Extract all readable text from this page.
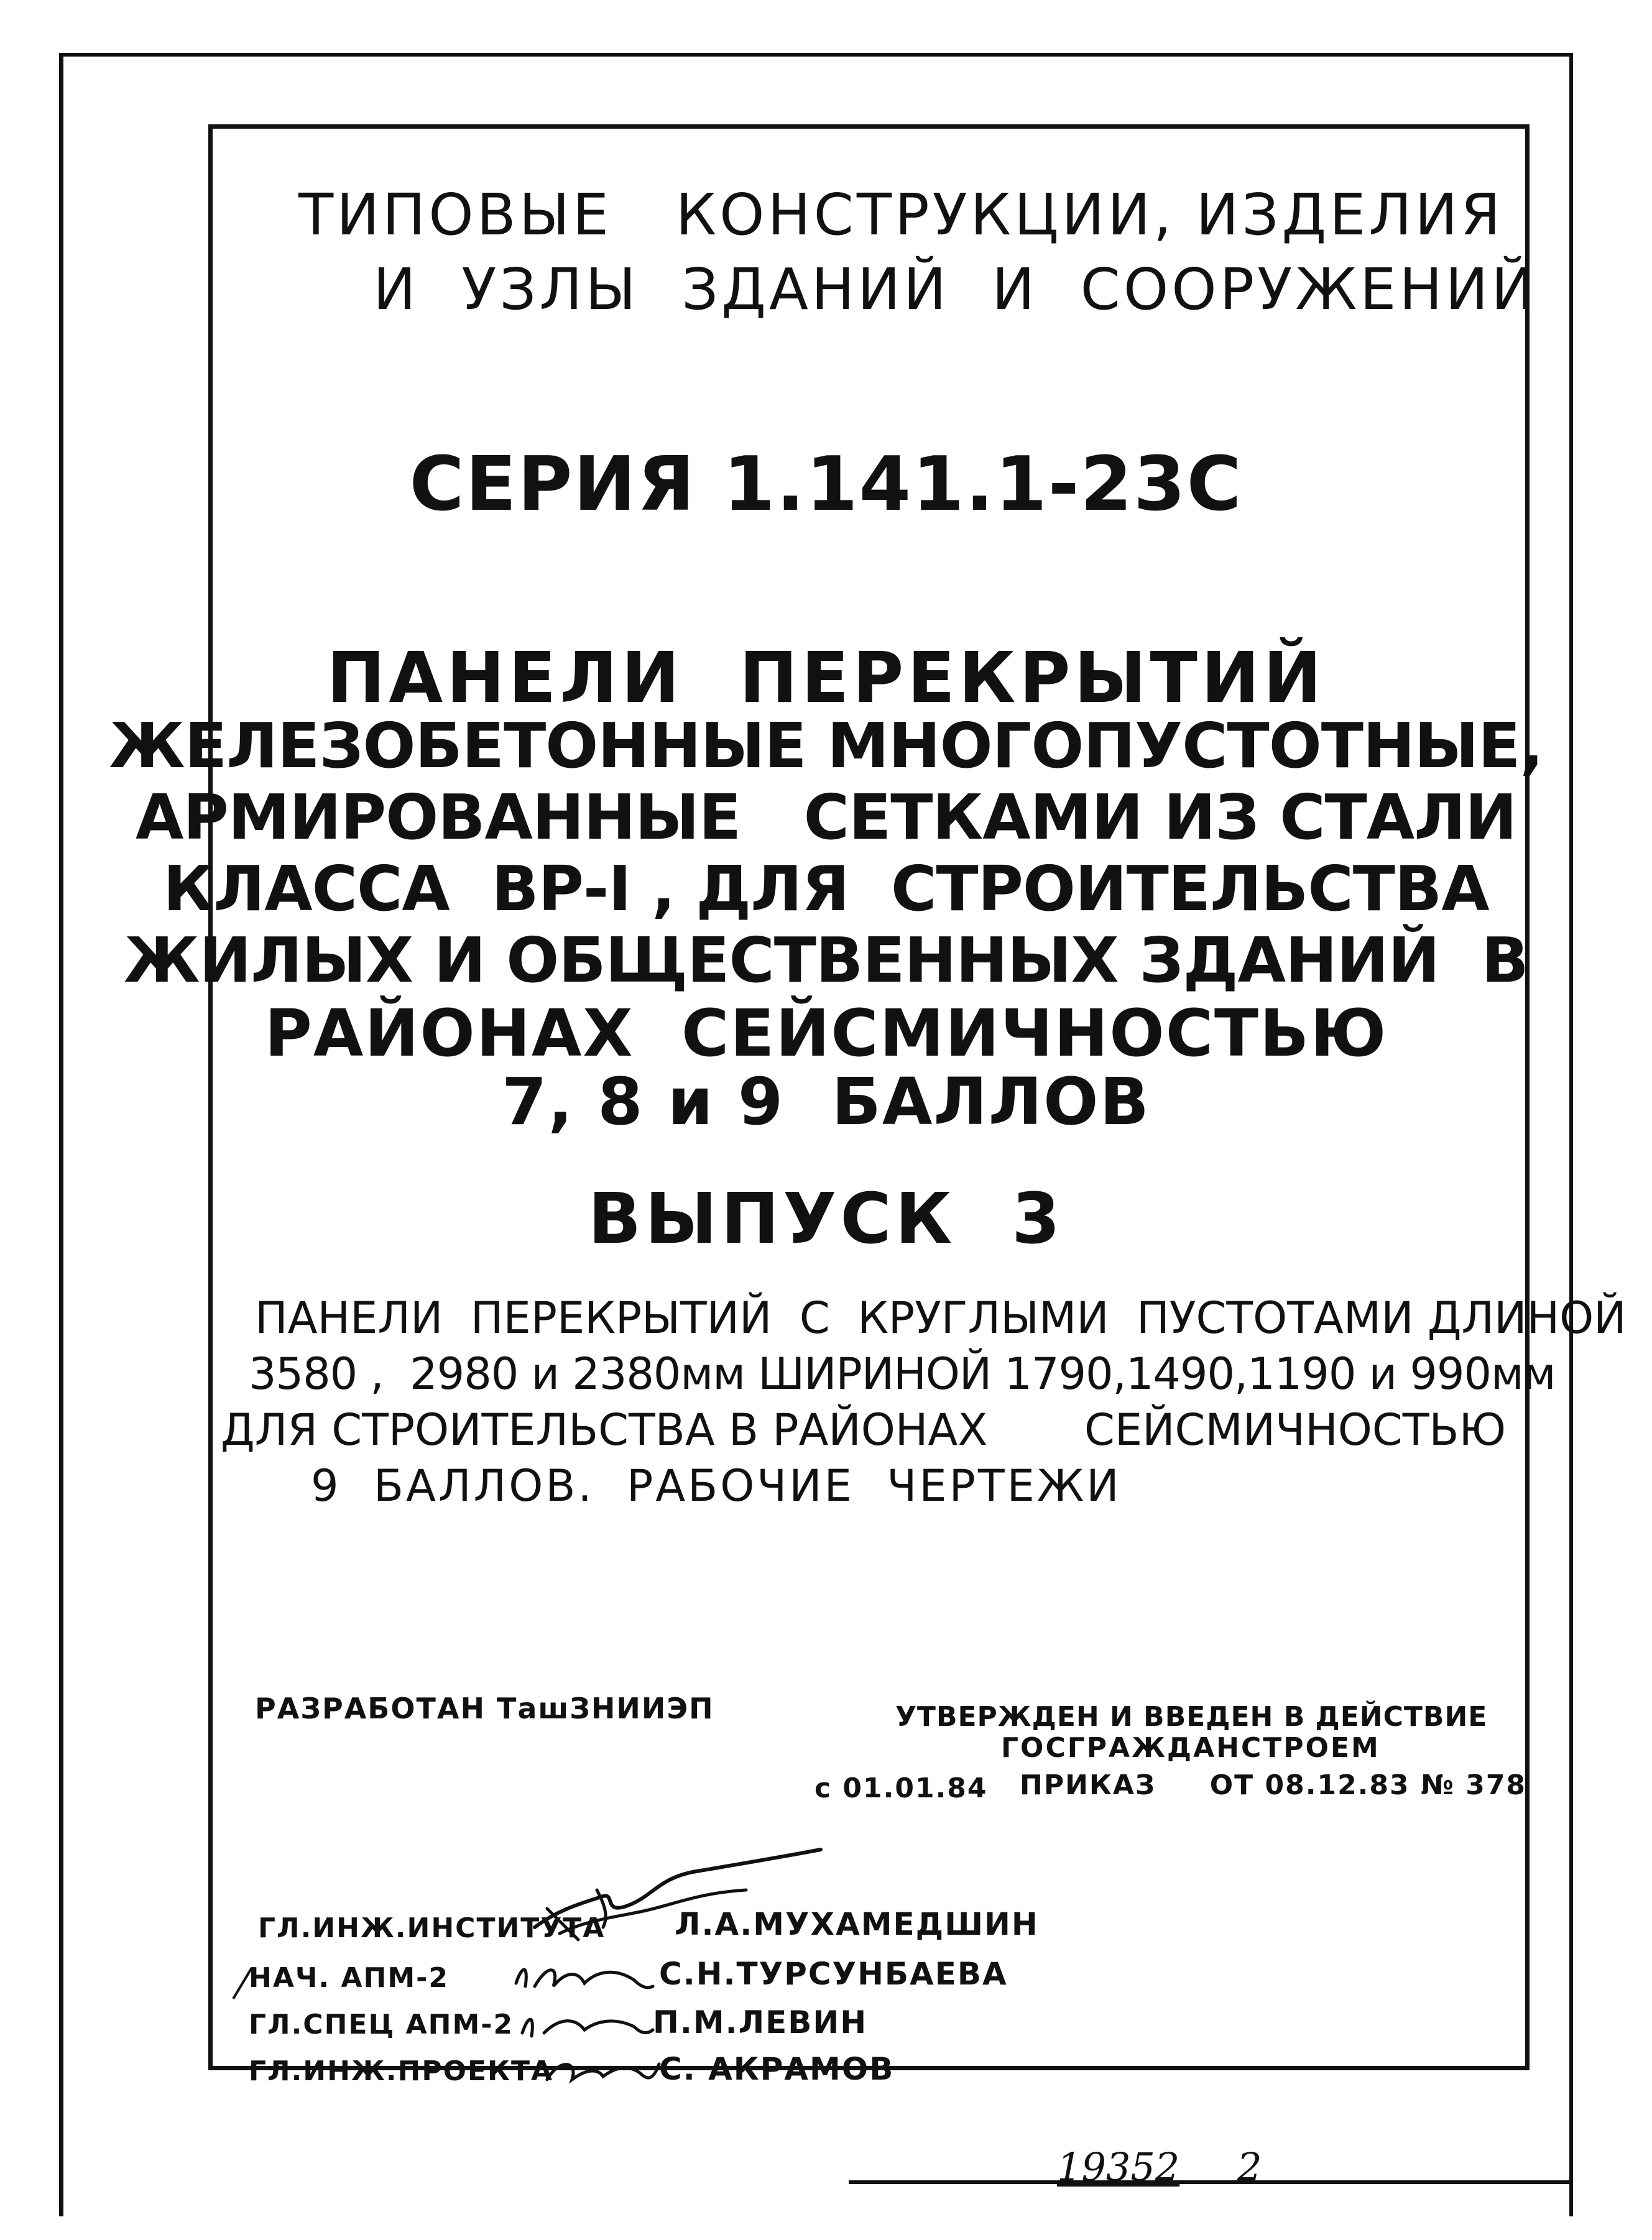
ТИПОВЫЕ   КОНСТРУКЦИИ, ИЗДЕЛИЯ
И  УЗЛЫ  ЗДАНИЙ  И  СООРУЖЕНИЙ
СЕРИЯ 1.141.1-23С
ПАНЕЛИ  ПЕРЕКРЫТИЙ
ЖЕЛЕЗОБЕТОННЫЕ МНОГОПУСТОТНЫЕ,
АРМИРОВАННЫЕ   СЕТКАМИ ИЗ СТАЛИ
КЛАССА  ВР-I , ДЛЯ  СТРОИТЕЛЬСТВА
ЖИЛЫХ И ОБЩЕСТВЕННЫХ ЗДАНИЙ  В
РАЙОНАХ  СЕЙСМИЧНОСТЬЮ
7, 8 и 9  БАЛЛОВ
ВЫПУСК  3
ПАНЕЛИ  ПЕРЕКРЫТИЙ  С  КРУГЛЫМИ  ПУСТОТАМИ ДЛИНОЙ
3580 ,  2980 и 2380мм ШИРИНОЙ 1790,1490,1190 и 990мм
ДЛЯ СТРОИТЕЛЬСТВА В РАЙОНАХ       СЕЙСМИЧНОСТЬЮ
9  БАЛЛОВ.  РАБОЧИЕ  ЧЕРТЕЖИ
РАЗРАБОТАН ТашЗНИИЭП	УТВЕРЖДЕН И ВВЕДЕН В ДЕЙСТВИЕ
ГОСГРАЖДАНСТРОЕМ
с 01.01.84 ПРИКАЗ     ОТ 08.12.83 № 378
ГЛ.ИНЖ.ИНСТИТУТА Л.А.МУХАМЕДШИН
НАЧ. АПМ-2	С.Н.ТУРСУНБАЕВА
ГЛ.СПЕЦ АПМ-2	П.М.ЛЕВИН
ГЛ.ИНЖ.ПРОЕКТА	С. АКРАМОВ
19352 2
